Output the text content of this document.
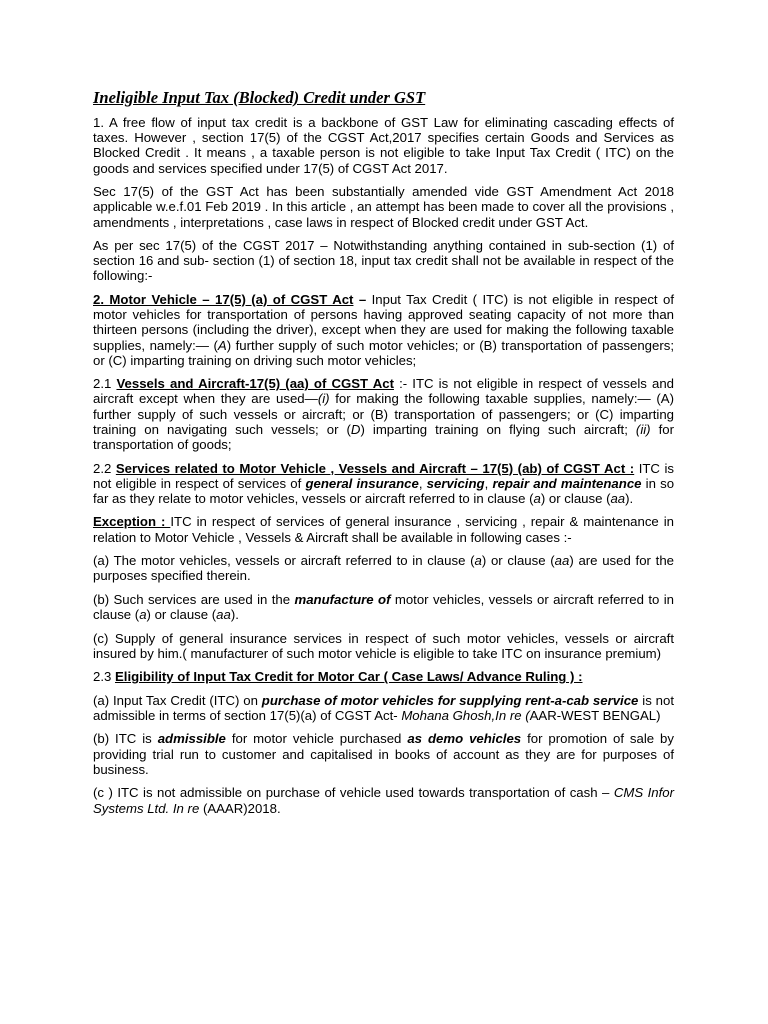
Ineligible Input Tax (Blocked) Credit under GST

1. A free flow of input tax credit is a backbone of GST Law for eliminating cascading effects of taxes. However , section 17(5) of the CGST Act,2017 specifies certain Goods and Services as Blocked Credit . It means , a taxable person is not eligible to take Input Tax Credit ( ITC) on the goods and services specified under 17(5) of CGST Act 2017.

Sec 17(5) of the GST Act has been substantially amended vide GST Amendment Act 2018 applicable w.e.f.01 Feb 2019 . In this article , an attempt has been made to cover all the provisions , amendments , interpretations , case laws in respect of Blocked credit under GST Act.

As per sec 17(5) of the CGST 2017 – Notwithstanding anything contained in sub-section (1) of section 16 and sub- section (1) of section 18, input tax credit shall not be available in respect of the following:-

2. Motor Vehicle – 17(5) (a) of CGST Act – Input Tax Credit ( ITC) is not eligible in respect of motor vehicles for transportation of persons having approved seating capacity of not more than thirteen persons (including the driver), except when they are used for making the following taxable supplies, namely:— (A) further supply of such motor vehicles; or (B) transportation of passengers; or (C) imparting training on driving such motor vehicles;

2.1 Vessels and Aircraft-17(5) (aa) of CGST Act :- ITC is not eligible in respect of vessels and aircraft except when they are used—(i) for making the following taxable supplies, namely:— (A) further supply of such vessels or aircraft; or (B) transportation of passengers; or (C) imparting training on navigating such vessels; or (D) imparting training on flying such aircraft; (ii) for transportation of goods;

2.2 Services related to Motor Vehicle , Vessels and Aircraft – 17(5) (ab) of CGST Act : ITC is not eligible in respect of services of general insurance, servicing, repair and maintenance in so far as they relate to motor vehicles, vessels or aircraft referred to in clause (a) or clause (aa).

Exception : ITC in respect of services of general insurance , servicing , repair & maintenance in relation to Motor Vehicle , Vessels & Aircraft shall be available in following cases :-

(a) The motor vehicles, vessels or aircraft referred to in clause (a) or clause (aa) are used for the purposes specified therein.

(b) Such services are used in the manufacture of motor vehicles, vessels or aircraft referred to in clause (a) or clause (aa).

(c) Supply of general insurance services in respect of such motor vehicles, vessels or aircraft insured by him.( manufacturer of such motor vehicle is eligible to take ITC on insurance premium)

2.3 Eligibility of Input Tax Credit for Motor Car ( Case Laws/ Advance Ruling ) :

(a) Input Tax Credit (ITC) on purchase of motor vehicles for supplying rent-a-cab service is not admissible in terms of section 17(5)(a) of CGST Act- Mohana Ghosh,In re (AAR-WEST BENGAL)

(b) ITC is admissible for motor vehicle purchased as demo vehicles for promotion of sale by providing trial run to customer and capitalised in books of account as they are for purposes of business.

(c ) ITC is not admissible on purchase of vehicle used towards transportation of cash – CMS Infor Systems Ltd. In re (AAAR)2018.
